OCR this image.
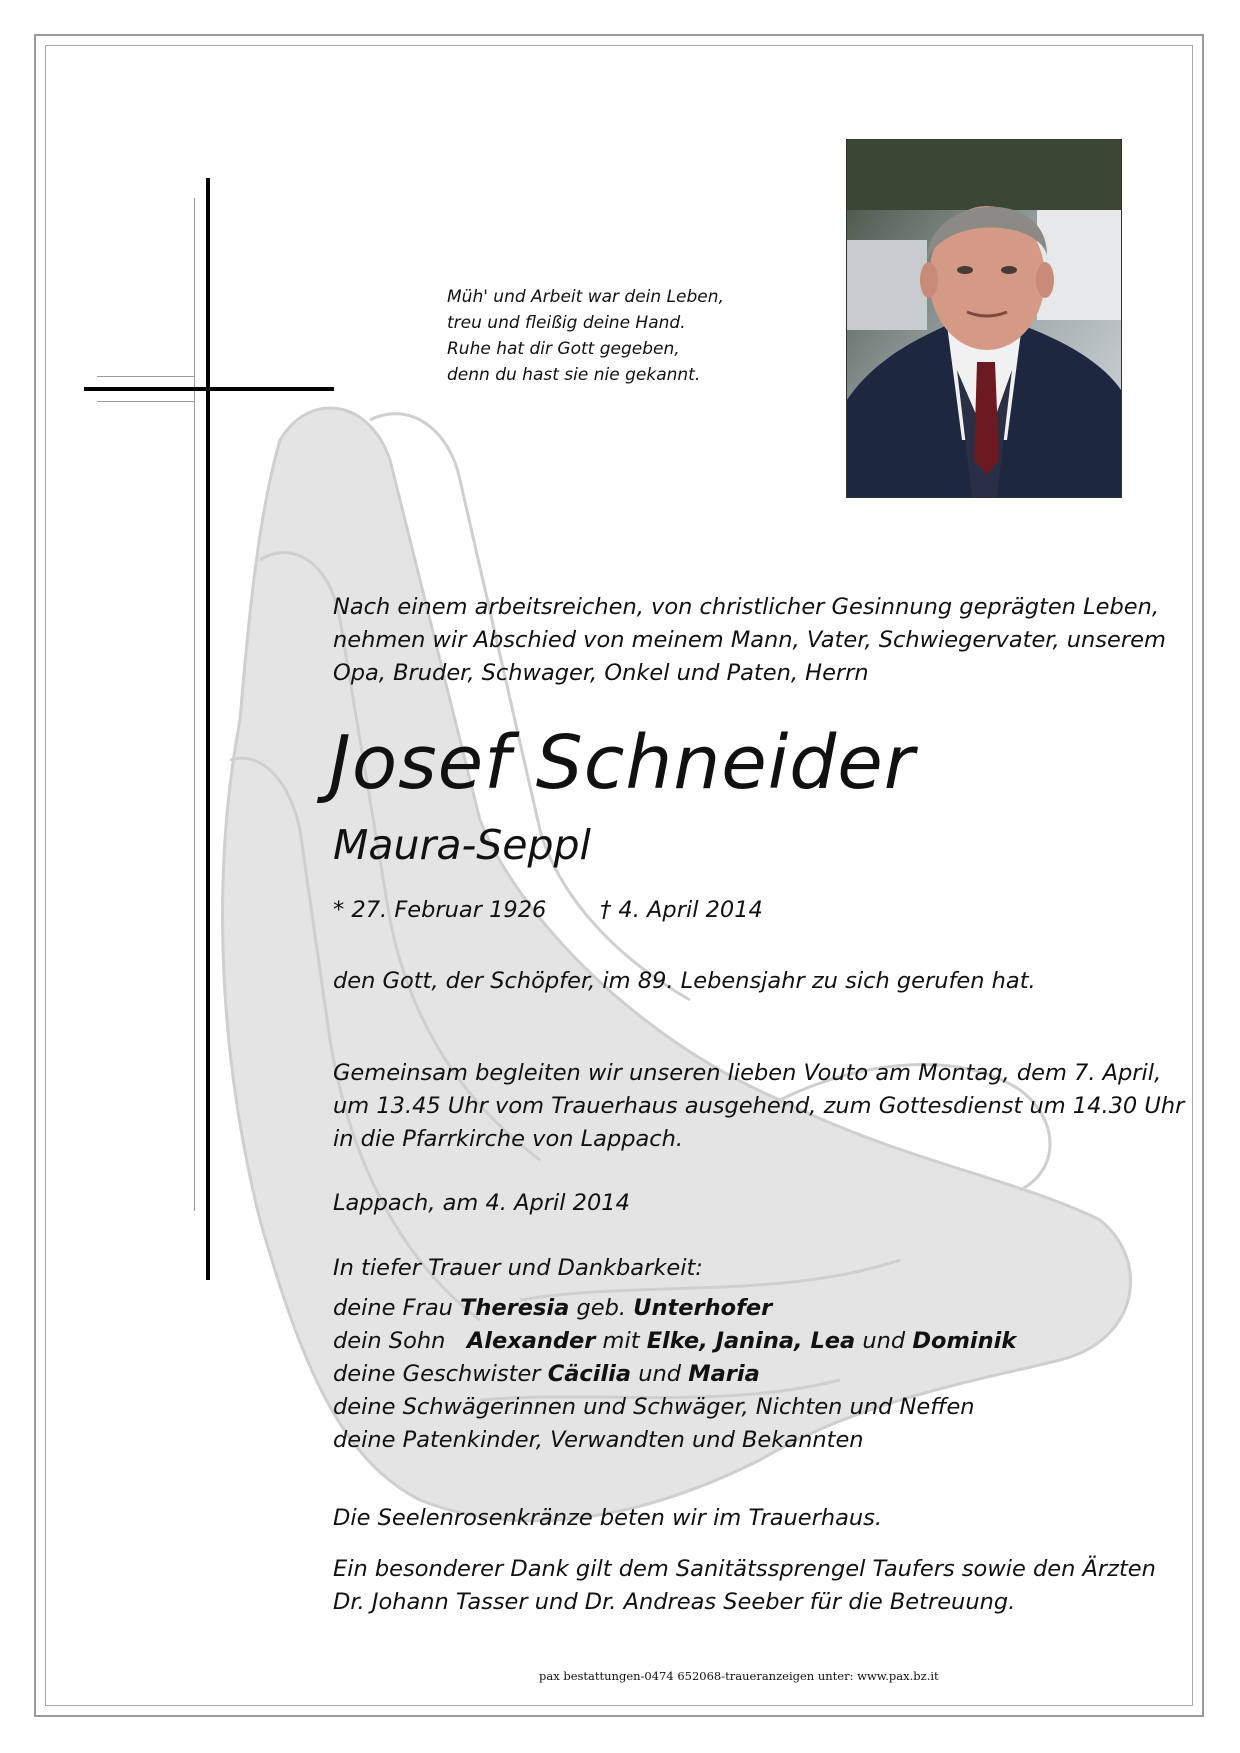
Müh' und Arbeit war dein Leben,
treu und fleißig deine Hand.
Ruhe hat dir Gott gegeben,
denn du hast sie nie gekannt.
Nach einem arbeitsreichen, von christlicher Gesinnung geprägten Leben,
nehmen wir Abschied von meinem Mann, Vater, Schwiegervater, unserem
Opa, Bruder, Schwager, Onkel und Paten, Herrn
Josef Schneider
Maura-Seppl
* 27. Februar 1926 † 4. April 2014
den Gott, der Schöpfer, im 89. Lebensjahr zu sich gerufen hat.
Gemeinsam begleiten wir unseren lieben Vouto am Montag, dem 7. April,
um 13.45 Uhr vom Trauerhaus ausgehend, zum Gottesdienst um 14.30 Uhr
in die Pfarrkirche von Lappach.
Lappach, am 4. April 2014
In tiefer Trauer und Dankbarkeit:
deine Frau Theresia geb. Unterhofer
dein Sohn   Alexander mit Elke, Janina, Lea und Dominik
deine Geschwister Cäcilia und Maria
deine Schwägerinnen und Schwäger, Nichten und Neffen
deine Patenkinder, Verwandten und Bekannten
Die Seelenrosenkränze beten wir im Trauerhaus.
Ein besonderer Dank gilt dem Sanitätssprengel Taufers sowie den Ärzten
Dr. Johann Tasser und Dr. Andreas Seeber für die Betreuung.
pax bestattungen-0474 652068-traueranzeigen unter: www.pax.bz.it
